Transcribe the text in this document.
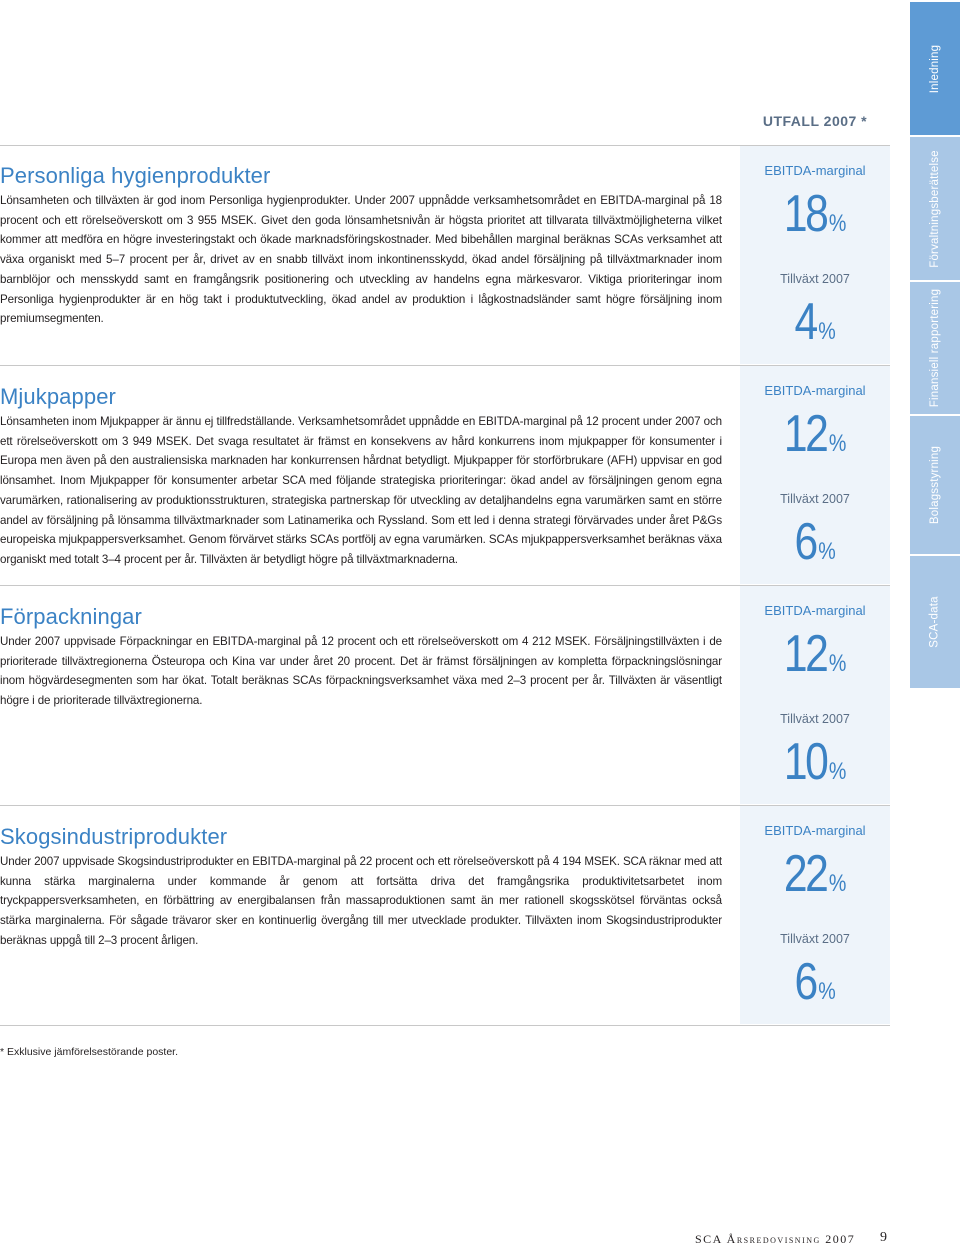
Inledning
Förvaltningsberättelse
Finansiell rapportering
Bolagsstyrning
SCA-data
UTFALL 2007 *
Personliga hygienprodukter

Lönsamheten och tillväxten är god inom Personliga hygienprodukter. Under 2007 uppnådde verksamhetsområdet en EBITDA-marginal på 18 procent och ett rörelseöverskott om 3 955 MSEK. Givet den goda lönsamhetsnivån är högsta prioritet att tillvarata tillväxtmöjligheterna vilket kommer att medföra en högre investeringstakt och ökade marknadsföringskostnader. Med bibehållen marginal beräknas SCAs verksamhet att växa organiskt med 5–7 procent per år, drivet av en snabb tillväxt inom inkontinensskydd, ökad andel försäljning på tillväxtmarknader inom barnblöjor och mensskydd samt en framgångsrik positionering och utveckling av handelns egna märkesvaror. Viktiga prioriteringar inom Personliga hygienprodukter är en hög takt i produktutveckling, ökad andel av produktion i lågkostnadsländer samt högre försäljning inom premiumsegmenten.

EBITDA-marginal
18 %
Tillväxt 2007
4 %
Mjukpapper

Lönsamheten inom Mjukpapper är ännu ej tillfredställande. Verksamhetsområdet uppnådde en EBITDA-marginal på 12 procent under 2007 och ett rörelseöverskott om 3 949 MSEK. Det svaga resultatet är främst en konsekvens av hård konkurrens inom mjukpapper för konsumenter i Europa men även på den australiensiska marknaden har konkurrensen hårdnat betydligt. Mjukpapper för storförbrukare (AFH) uppvisar en god lönsamhet. Inom Mjukpapper för konsumenter arbetar SCA med följande strategiska prioriteringar: ökad andel av försäljningen genom egna varumärken, rationalisering av produktionsstrukturen, strategiska partnerskap för utveckling av detaljhandelns egna varumärken samt en större andel av försäljning på lönsamma tillväxtmarknader som Latinamerika och Ryssland. Som ett led i denna strategi förvärvades under året P&Gs europeiska mjukpappersverksamhet. Genom förvärvet stärks SCAs portfölj av egna varumärken. SCAs mjukpappersverksamhet beräknas växa organiskt med totalt 3–4 procent per år. Tillväxten är betydligt högre på tillväxtmarknaderna.

EBITDA-marginal
12 %
Tillväxt 2007
6 %
Förpackningar

Under 2007 uppvisade Förpackningar en EBITDA-marginal på 12 procent och ett rörelseöverskott om 4 212 MSEK. Försäljningstillväxten i de prioriterade tillväxtregionerna Östeuropa och Kina var under året 20 procent. Det är främst försäljningen av kompletta förpackningslösningar inom högvärdesegmenten som har ökat. Totalt beräknas SCAs förpackningsverksamhet växa med 2–3 procent per år. Tillväxten är väsentligt högre i de prioriterade tillväxtregionerna.

EBITDA-marginal
12 %
Tillväxt 2007
10 %
Skogsindustriprodukter

Under 2007 uppvisade Skogsindustriprodukter en EBITDA-marginal på 22 procent och ett rörelseöverskott på 4 194 MSEK. SCA räknar med att kunna stärka marginalerna under kommande år genom att fortsätta driva det framgångsrika produktivitetsarbetet inom tryckpappersverksamheten, en förbättring av energibalansen från massaproduktionen samt än mer rationell skogsskötsel förväntas också stärka marginalerna. För sågade trävaror sker en kontinuerlig övergång till mer utvecklade produkter. Tillväxten inom Skogsindustriprodukter beräknas uppgå till 2–3 procent årligen.

EBITDA-marginal
22 %
Tillväxt 2007
6 %
* Exklusive jämförelsestörande poster.
SCA Årsredovisning 2007 9
